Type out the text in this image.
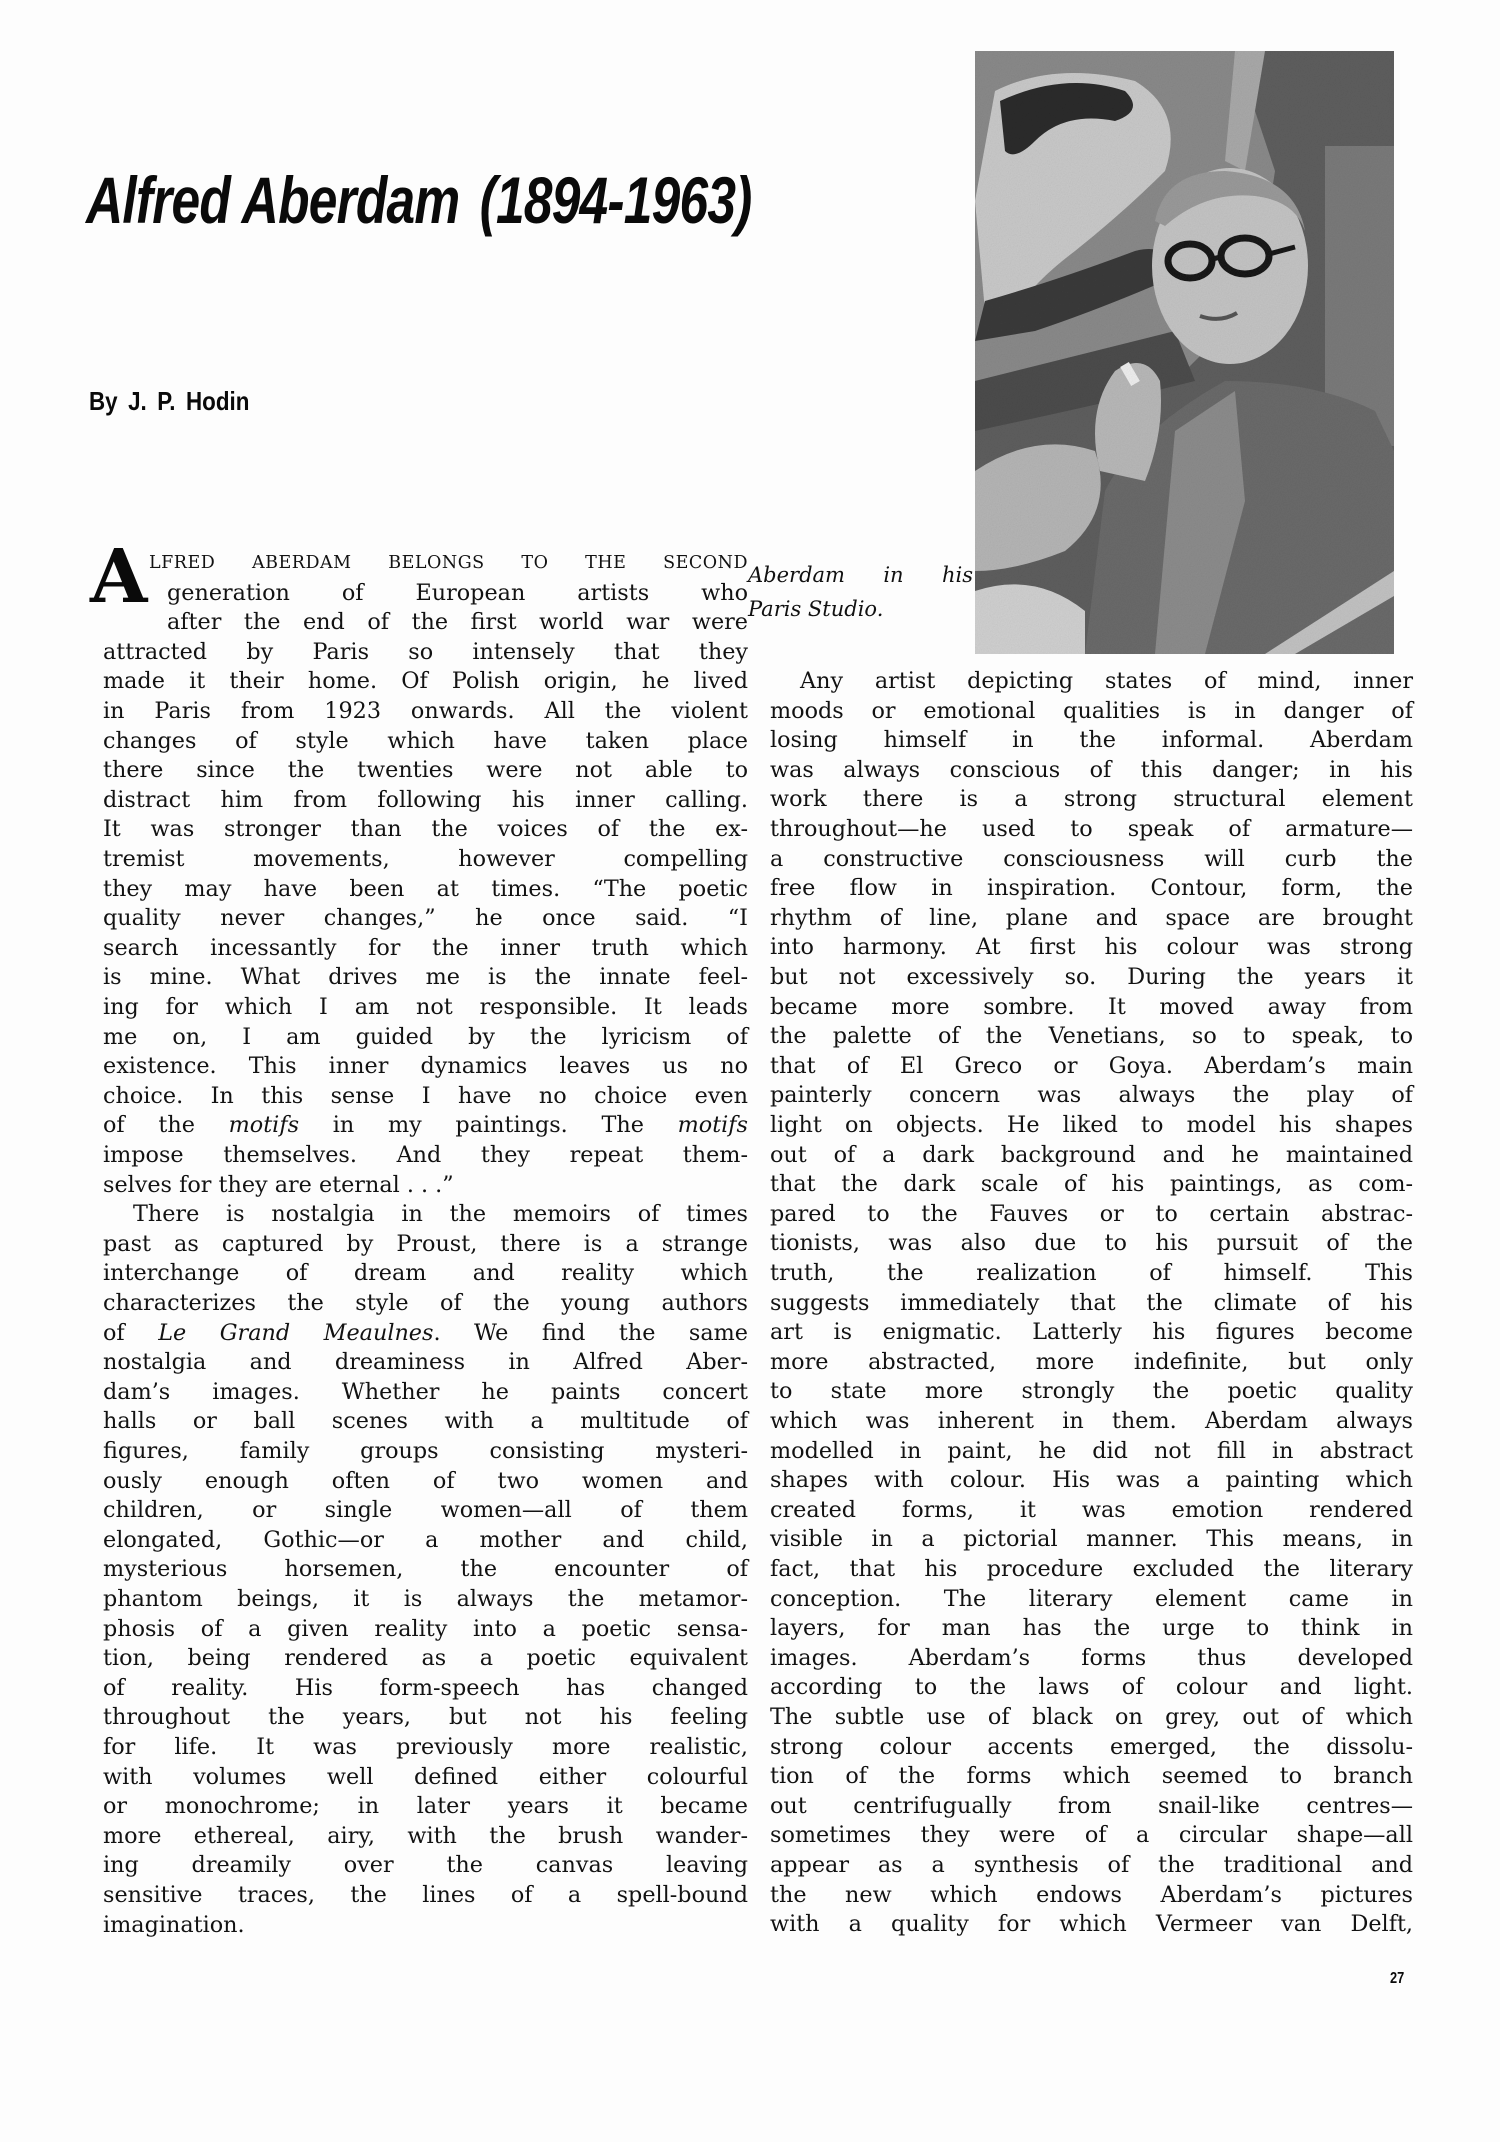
Alfred Aberdam (1894-1963)
By J. P. Hodin
Aberdam in his
Paris Studio.
A LFRED ABERDAM BELONGS TO THE SECOND
generation of European artists who
after the end of the first world war were
attracted by Paris so intensely that they
made it their home. Of Polish origin, he lived
in Paris from 1923 onwards. All the violent
changes of style which have taken place
there since the twenties were not able to
distract him from following his inner calling.
It was stronger than the voices of the ex-
tremist movements, however compelling
they may have been at times. “The poetic
quality never changes,” he once said. “I
search incessantly for the inner truth which
is mine. What drives me is the innate feel-
ing for which I am not responsible. It leads
me on, I am guided by the lyricism of
existence. This inner dynamics leaves us no
choice. In this sense I have no choice even
of the motifs in my paintings. The motifs
impose themselves. And they repeat them-
selves for they are eternal . . .”
There is nostalgia in the memoirs of times
past as captured by Proust, there is a strange
interchange of dream and reality which
characterizes the style of the young authors
of Le Grand Meaulnes. We find the same
nostalgia and dreaminess in Alfred Aber-
dam’s images. Whether he paints concert
halls or ball scenes with a multitude of
figures, family groups consisting mysteri-
ously enough often of two women and
children, or single women—all of them
elongated, Gothic—or a mother and child,
mysterious horsemen, the encounter of
phantom beings, it is always the metamor-
phosis of a given reality into a poetic sensa-
tion, being rendered as a poetic equivalent
of reality. His form-speech has changed
throughout the years, but not his feeling
for life. It was previously more realistic,
with volumes well defined either colourful
or monochrome; in later years it became
more ethereal, airy, with the brush wander-
ing dreamily over the canvas leaving
sensitive traces, the lines of a spell-bound
imagination.
Any artist depicting states of mind, inner
moods or emotional qualities is in danger of
losing himself in the informal. Aberdam
was always conscious of this danger; in his
work there is a strong structural element
throughout—he used to speak of armature—
a constructive consciousness will curb the
free flow in inspiration. Contour, form, the
rhythm of line, plane and space are brought
into harmony. At first his colour was strong
but not excessively so. During the years it
became more sombre. It moved away from
the palette of the Venetians, so to speak, to
that of El Greco or Goya. Aberdam’s main
painterly concern was always the play of
light on objects. He liked to model his shapes
out of a dark background and he maintained
that the dark scale of his paintings, as com-
pared to the Fauves or to certain abstrac-
tionists, was also due to his pursuit of the
truth, the realization of himself. This
suggests immediately that the climate of his
art is enigmatic. Latterly his figures become
more abstracted, more indefinite, but only
to state more strongly the poetic quality
which was inherent in them. Aberdam always
modelled in paint, he did not fill in abstract
shapes with colour. His was a painting which
created forms, it was emotion rendered
visible in a pictorial manner. This means, in
fact, that his procedure excluded the literary
conception. The literary element came in
layers, for man has the urge to think in
images. Aberdam’s forms thus developed
according to the laws of colour and light.
The subtle use of black on grey, out of which
strong colour accents emerged, the dissolu-
tion of the forms which seemed to branch
out centrifugually from snail-like centres—
sometimes they were of a circular shape—all
appear as a synthesis of the traditional and
the new which endows Aberdam’s pictures
with a quality for which Vermeer van Delft,
27
